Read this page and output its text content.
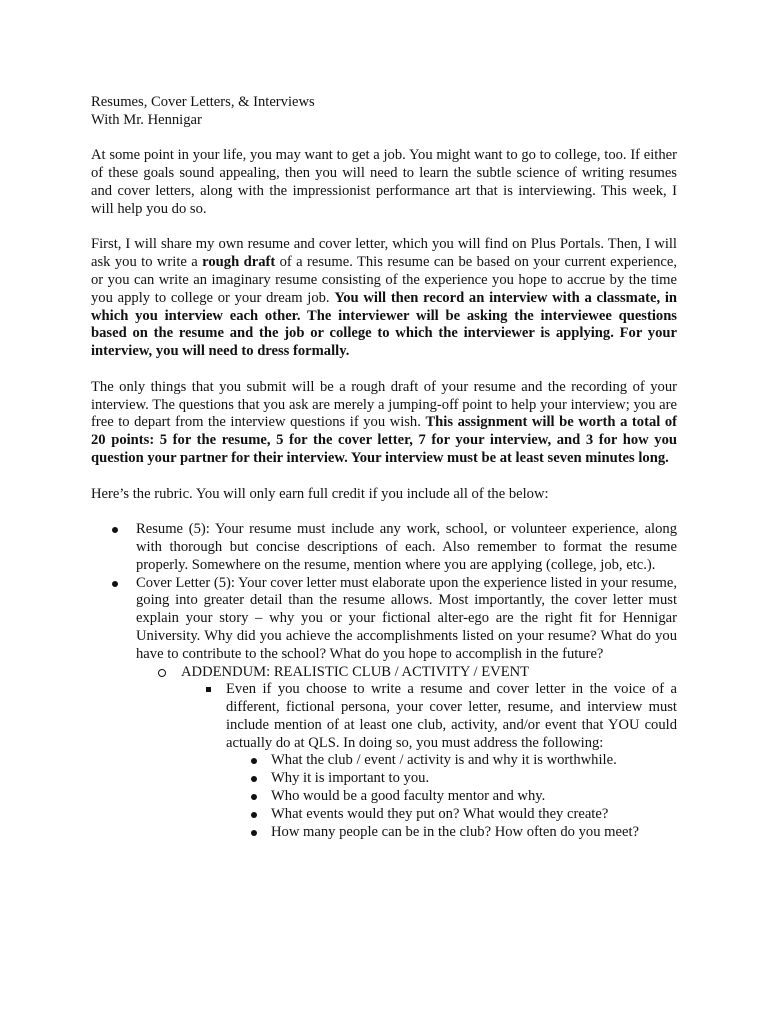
Resumes, Cover Letters, & Interviews
With Mr. Hennigar
At some point in your life, you may want to get a job. You might want to go to college, too. If either of these goals sound appealing, then you will need to learn the subtle science of writing resumes and cover letters, along with the impressionist performance art that is interviewing. This week, I will help you do so.
First, I will share my own resume and cover letter, which you will find on Plus Portals. Then, I will ask you to write a rough draft of a resume. This resume can be based on your current experience, or you can write an imaginary resume consisting of the experience you hope to accrue by the time you apply to college or your dream job. You will then record an interview with a classmate, in which you interview each other. The interviewer will be asking the interviewee questions based on the resume and the job or college to which the interviewer is applying. For your interview, you will need to dress formally.
The only things that you submit will be a rough draft of your resume and the recording of your interview. The questions that you ask are merely a jumping-off point to help your interview; you are free to depart from the interview questions if you wish. This assignment will be worth a total of 20 points: 5 for the resume, 5 for the cover letter, 7 for your interview, and 3 for how you question your partner for their interview. Your interview must be at least seven minutes long.
Here’s the rubric. You will only earn full credit if you include all of the below:
Resume (5): Your resume must include any work, school, or volunteer experience, along with thorough but concise descriptions of each. Also remember to format the resume properly. Somewhere on the resume, mention where you are applying (college, job, etc.).
Cover Letter (5): Your cover letter must elaborate upon the experience listed in your resume, going into greater detail than the resume allows. Most importantly, the cover letter must explain your story – why you or your fictional alter-ego are the right fit for Hennigar University. Why did you achieve the accomplishments listed on your resume? What do you have to contribute to the school? What do you hope to accomplish in the future?
ADDENDUM: REALISTIC CLUB / ACTIVITY / EVENT
Even if you choose to write a resume and cover letter in the voice of a different, fictional persona, your cover letter, resume, and interview must include mention of at least one club, activity, and/or event that YOU could actually do at QLS. In doing so, you must address the following:
What the club / event / activity is and why it is worthwhile.
Why it is important to you.
Who would be a good faculty mentor and why.
What events would they put on? What would they create?
How many people can be in the club? How often do you meet?
